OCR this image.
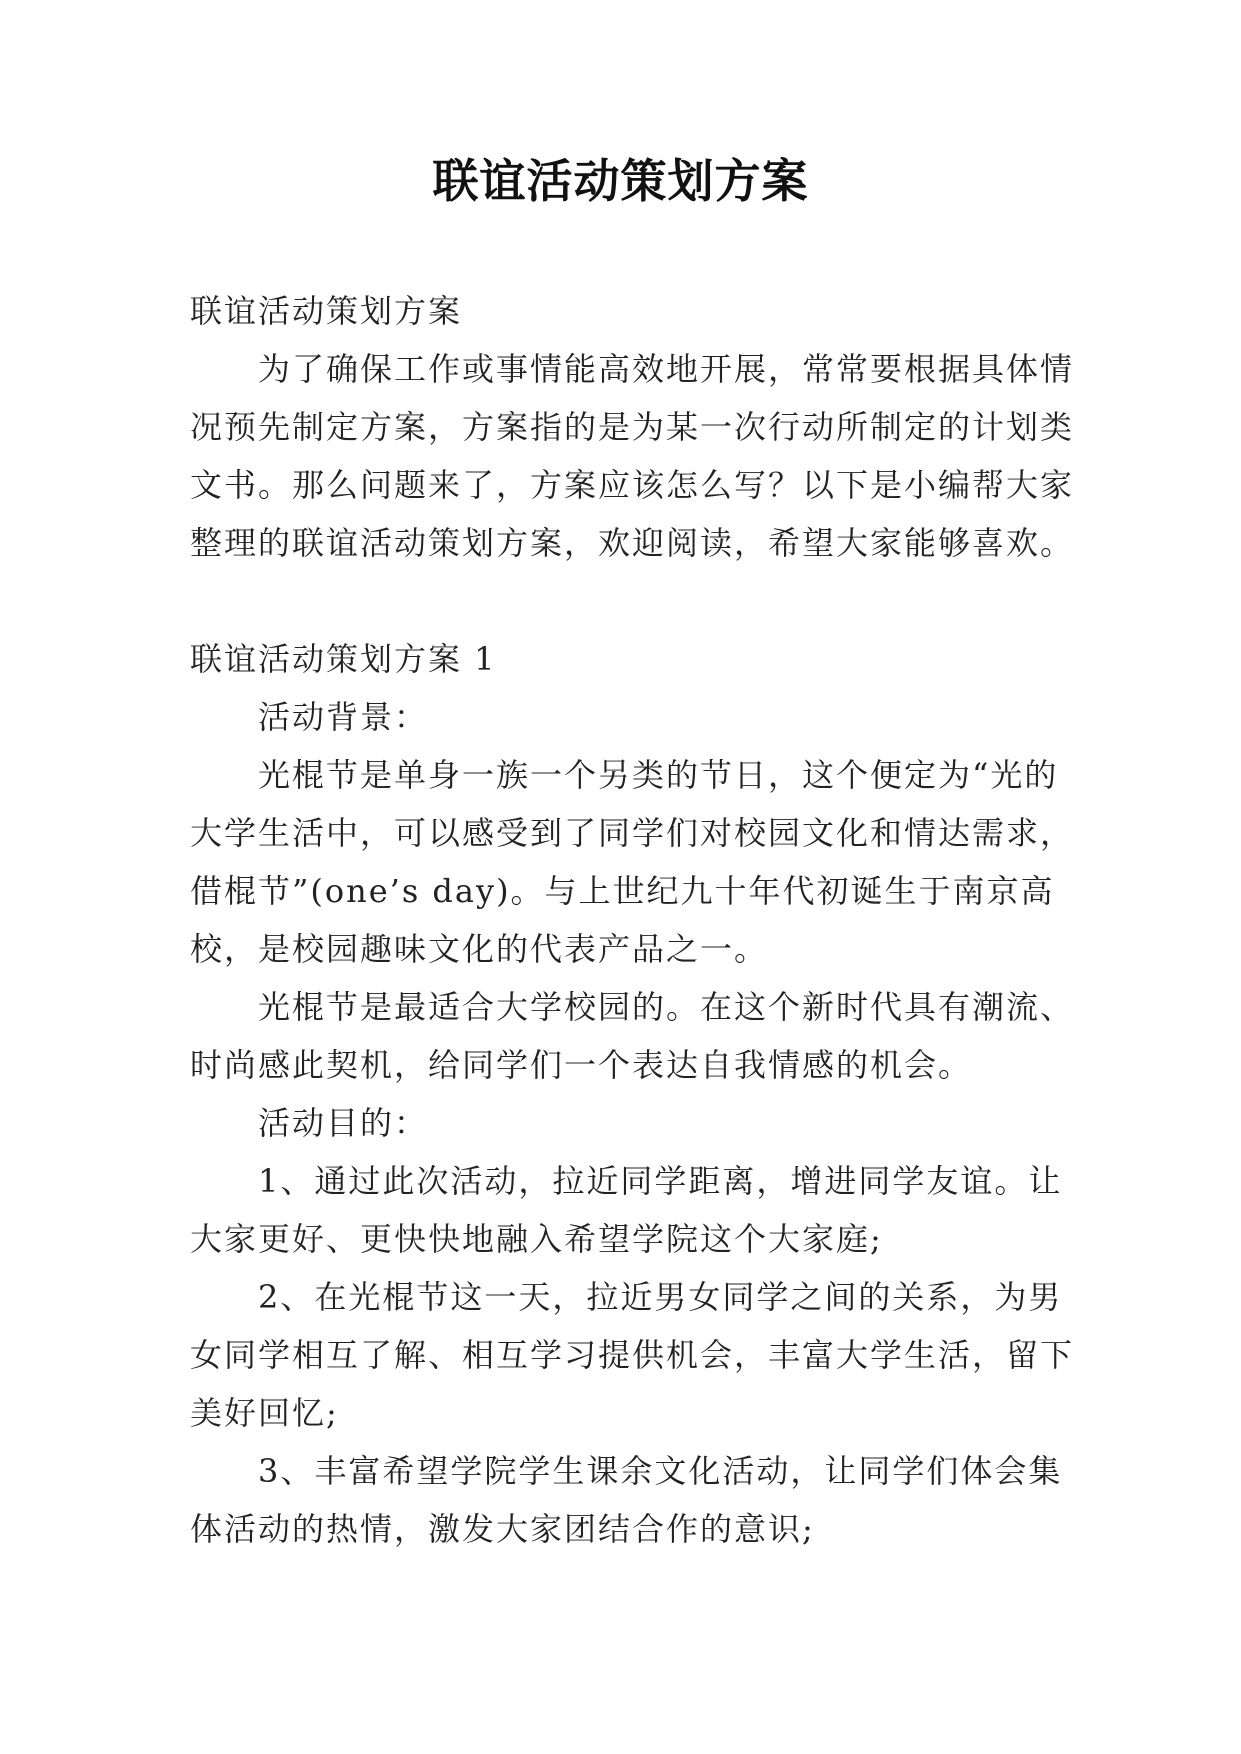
联谊活动策划方案

联谊活动策划方案

为了确保工作或事情能高效地开展，常常要根据具体情况预先制定方案，方案指的是为某一次行动所制定的计划类文书。那么问题来了，方案应该怎么写？以下是小编帮大家整理的联谊活动策划方案，欢迎阅读，希望大家能够喜欢。

联谊活动策划方案 1

活动背景：

光棍节是单身一族一个另类的节日，这个便定为“光的大学生活中，可以感受到了同学们对校园文化和情达需求，借棍节”(one’s day)。与上世纪九十年代初诞生于南京高校，是校园趣味文化的代表产品之一。

光棍节是最适合大学校园的。在这个新时代具有潮流、时尚感此契机，给同学们一个表达自我情感的机会。

活动目的：

1、通过此次活动，拉近同学距离，增进同学友谊。让大家更好、更快快地融入希望学院这个大家庭;

2、在光棍节这一天，拉近男女同学之间的关系，为男女同学相互了解、相互学习提供机会，丰富大学生活，留下美好回忆;

3、丰富希望学院学生课余文化活动，让同学们体会集体活动的热情，激发大家团结合作的意识;
